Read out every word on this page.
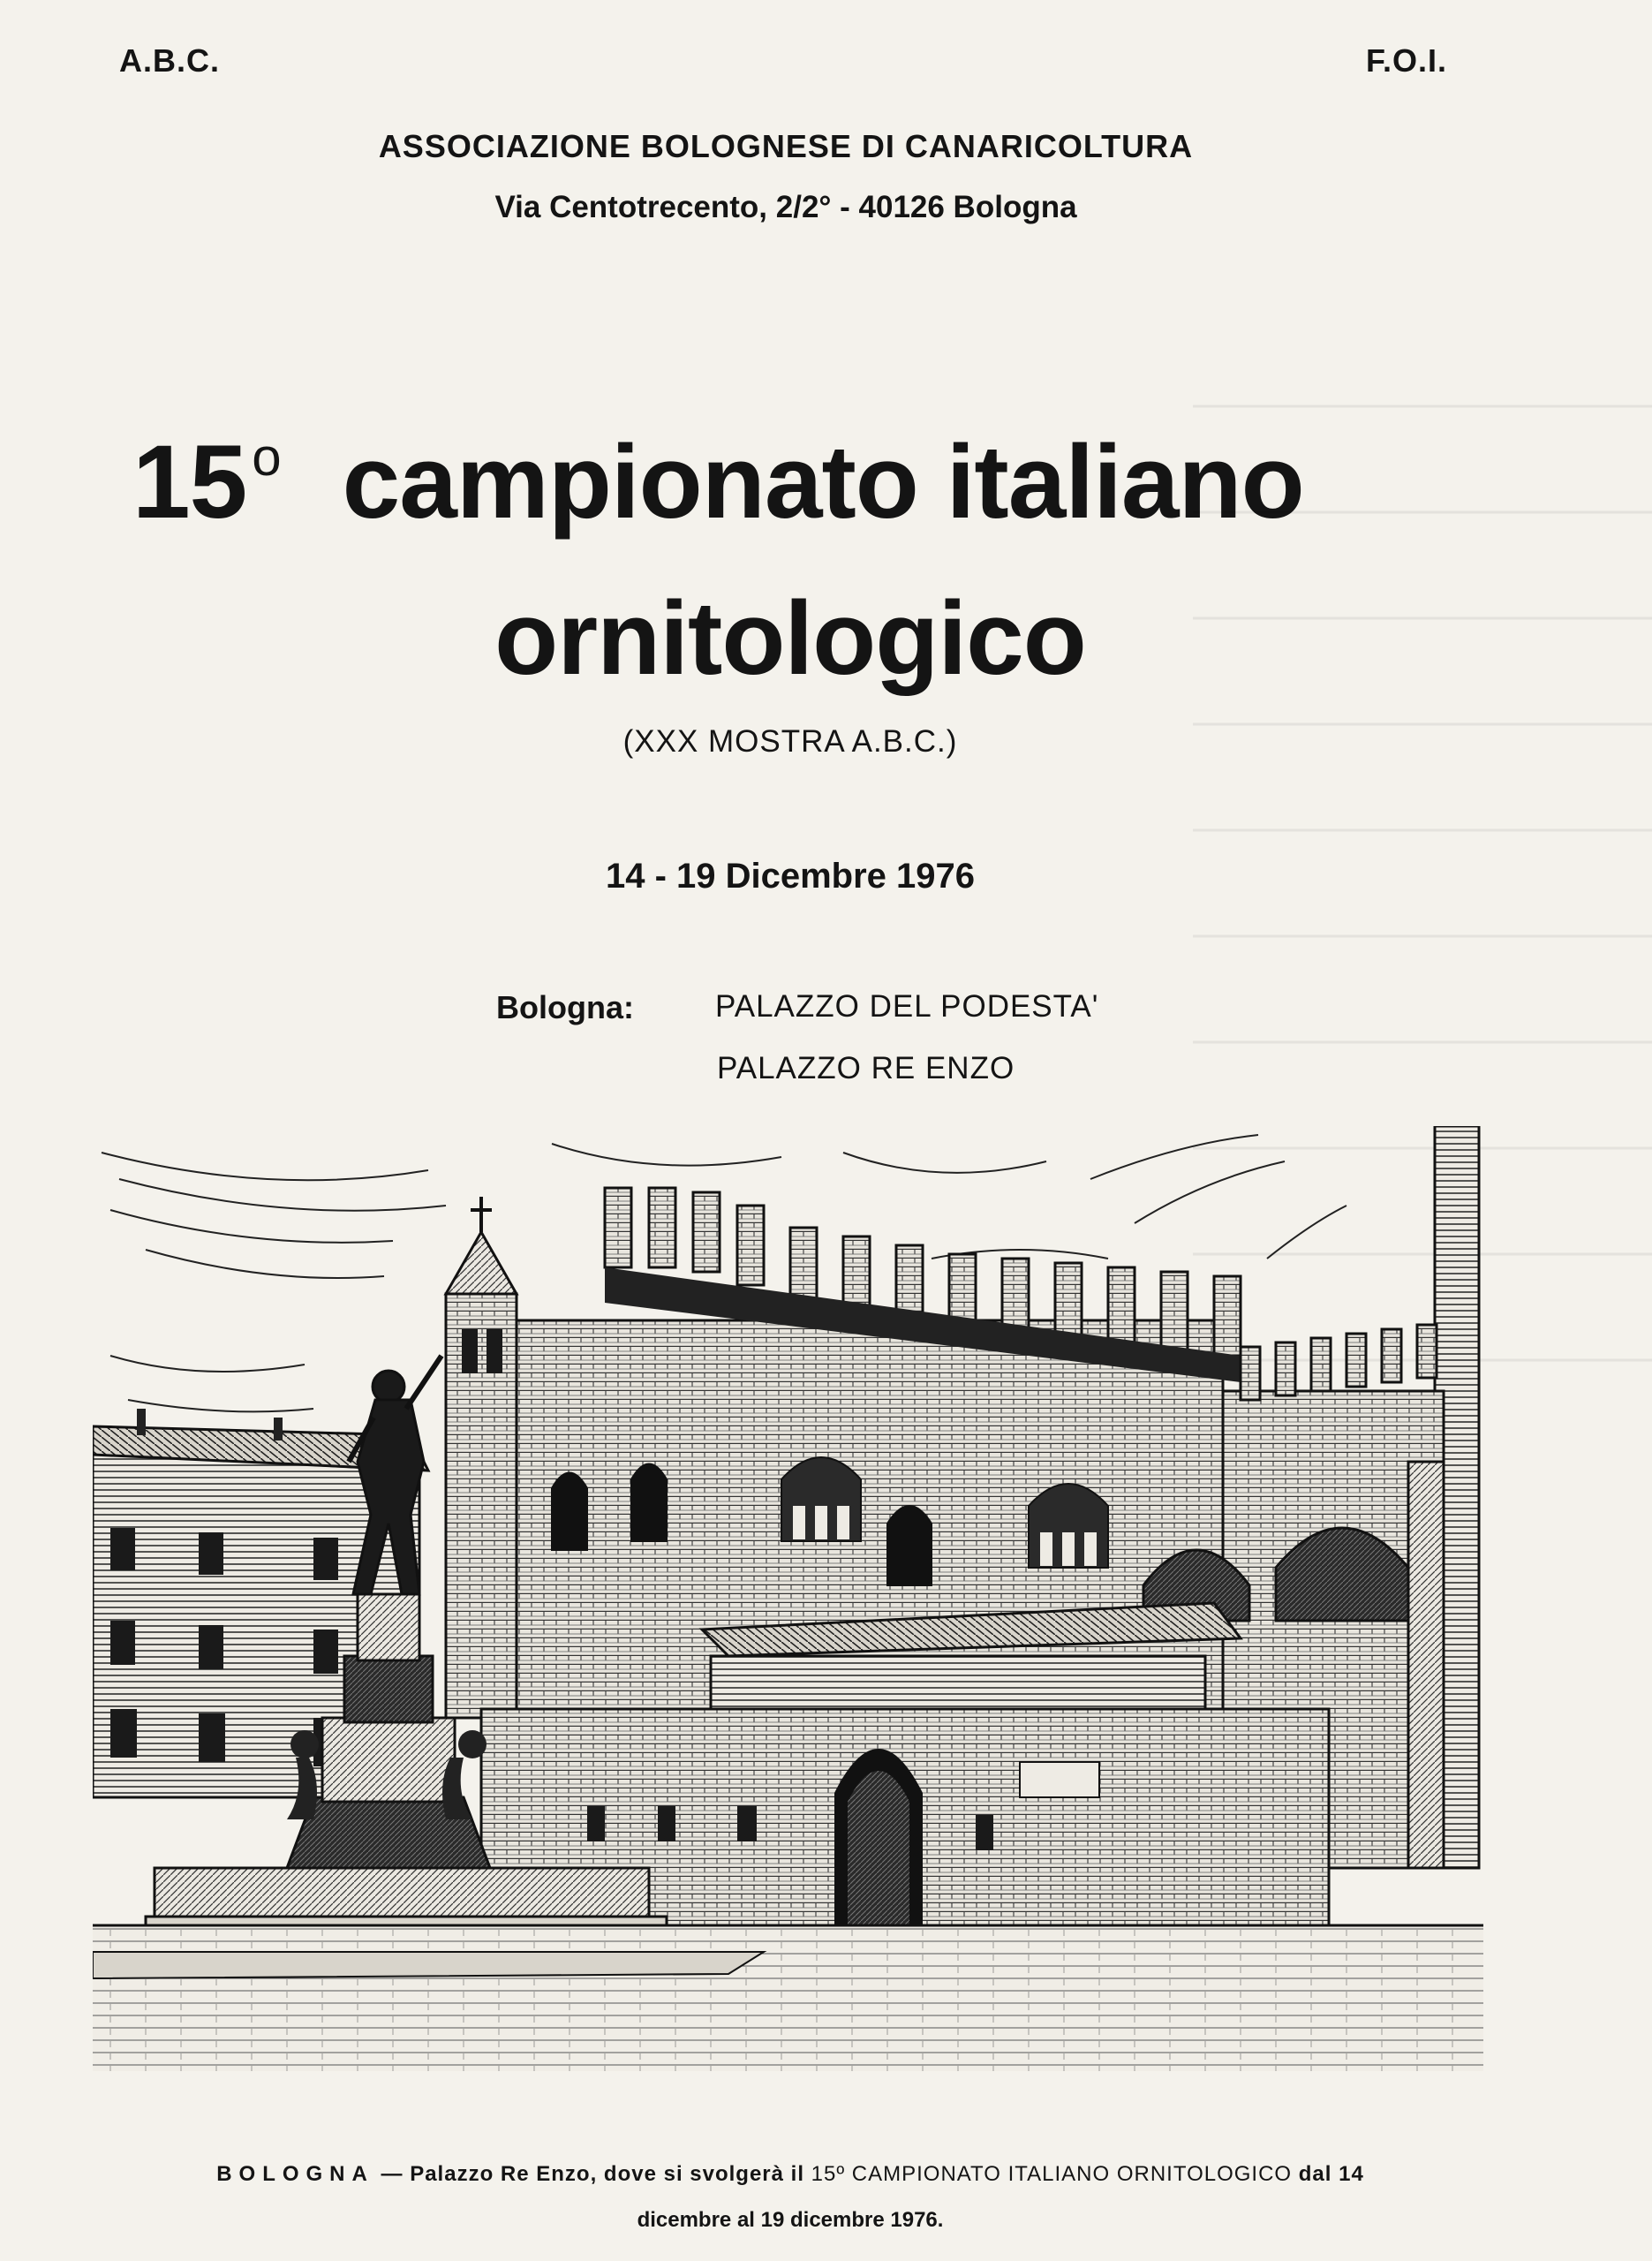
A.B.C.	F.O.I.
ASSOCIAZIONE BOLOGNESE DI CANARICOLTURA
Via Centotrecento, 2/2° - 40126 Bologna
15 $^o$ campionato italiano
ornitologico
(XXX MOSTRA A.B.C.)
14 - 19 Dicembre 1976
Bologna:	PALAZZO DEL PODESTA'
PALAZZO RE ENZO
BOLOGNA — Palazzo Re Enzo, dove si svolgerà il 15º CAMPIONATO ITALIANO ORNITOLOGICO dal 14
dicembre al 19 dicembre 1976.
